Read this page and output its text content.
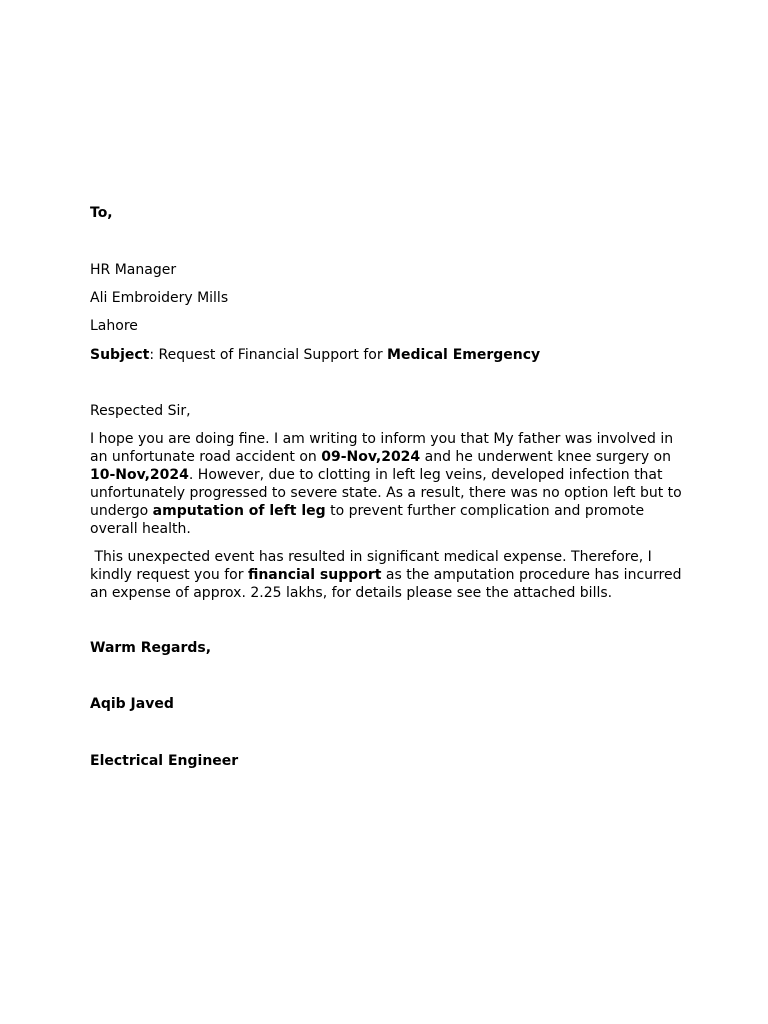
To,
HR Manager
Ali Embroidery Mills
Lahore
Subject: Request of Financial Support for Medical Emergency
Respected Sir,
I hope you are doing fine. I am writing to inform you that My father was involved in an unfortunate road accident on 09-Nov,2024 and he underwent knee surgery on 10-Nov,2024. However, due to clotting in left leg veins, developed infection that unfortunately progressed to severe state. As a result, there was no option left but to undergo amputation of left leg to prevent further complication and promote overall health.
This unexpected event has resulted in significant medical expense. Therefore, I kindly request you for financial support as the amputation procedure has incurred an expense of approx. 2.25 lakhs, for details please see the attached bills.
Warm Regards,
Aqib Javed
Electrical Engineer
